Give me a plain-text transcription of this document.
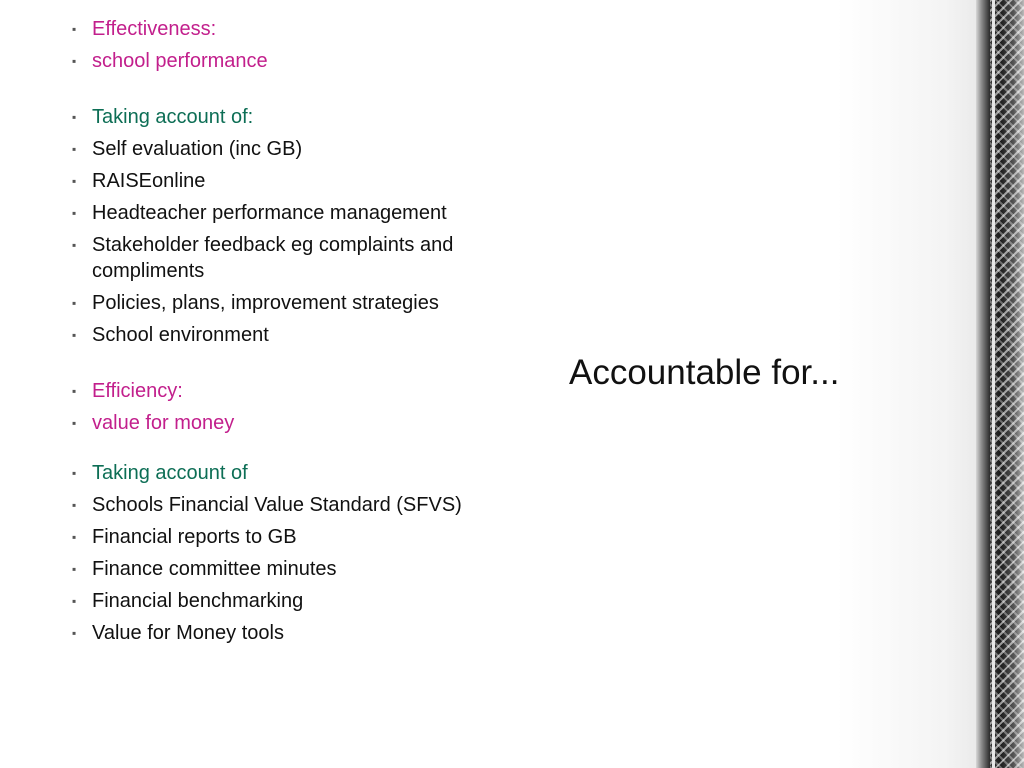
▪ Effectiveness:
▪ school performance
▪ Taking account of:
▪ Self evaluation (inc GB)
▪ RAISEonline
▪ Headteacher performance management
▪ Stakeholder feedback eg complaints and compliments
▪ Policies, plans, improvement strategies
▪ School environment
▪ Efficiency:
▪ value for money
▪ Taking account of
▪ Schools Financial Value Standard (SFVS)
▪ Financial reports to GB
▪ Finance committee minutes
▪ Financial benchmarking
▪ Value for Money tools
Accountable for...
